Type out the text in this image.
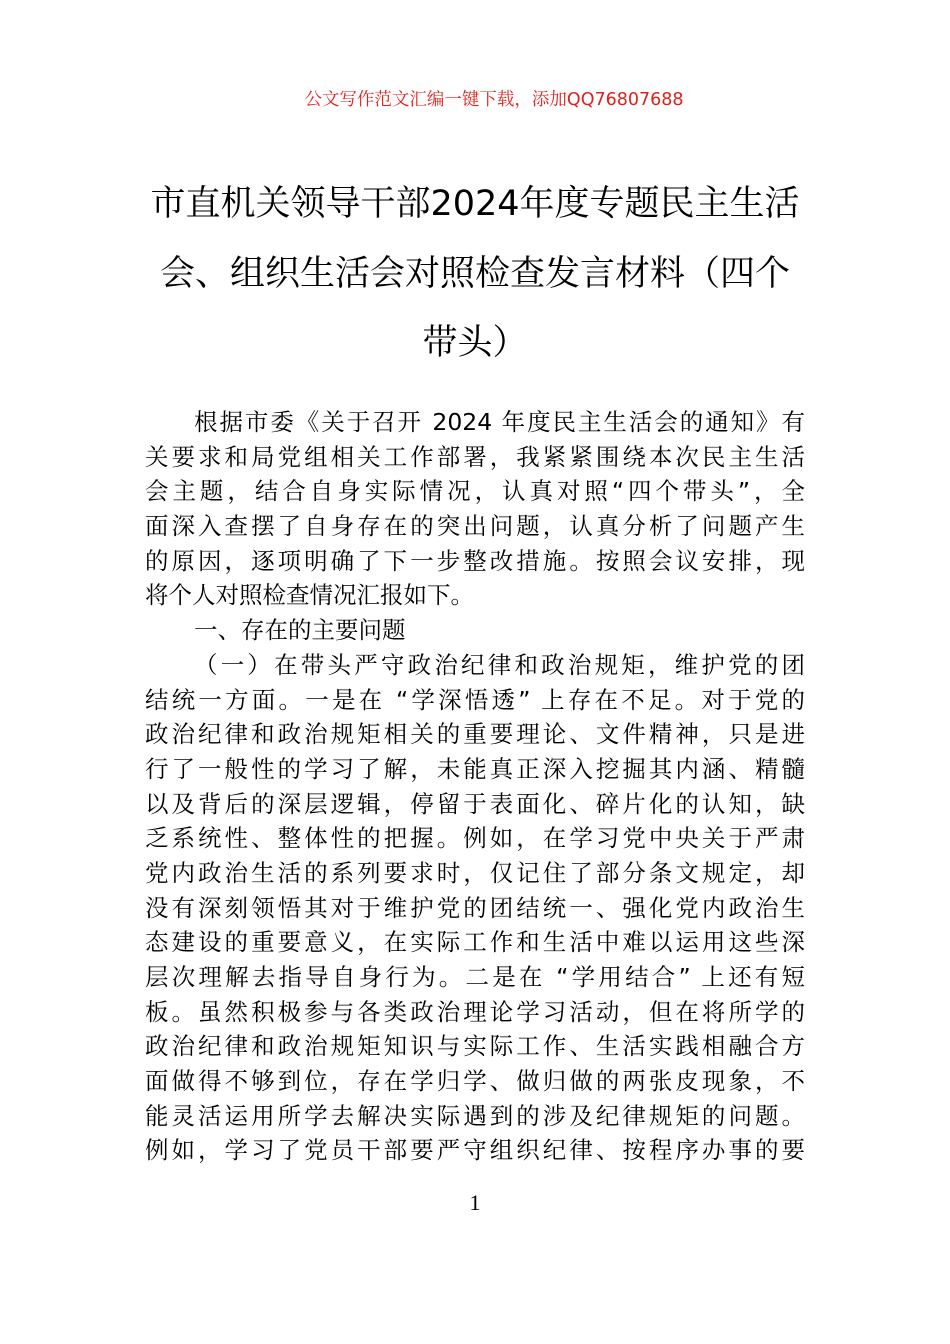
公文写作范文汇编一键下载，添加QQ76807688
市直机关领导干部2024年度专题民主生活
会、组织生活会对照检查发言材料（四个
带头）
根据市委《关于召开 2024 年度民主生活会的通知》有
关要求和局党组相关工作部署，我紧紧围绕本次民主生活
会主题，结合自身实际情况，认真对照“四个带头”，全
面深入查摆了自身存在的突出问题，认真分析了问题产生
的原因，逐项明确了下一步整改措施。按照会议安排，现
将个人对照检查情况汇报如下。
一、存在的主要问题
（一）在带头严守政治纪律和政治规矩，维护党的团
结统一方面。一是在 “学深悟透” 上存在不足。对于党的
政治纪律和政治规矩相关的重要理论、文件精神，只是进
行了一般性的学习了解，未能真正深入挖掘其内涵、精髓
以及背后的深层逻辑，停留于表面化、碎片化的认知，缺
乏系统性、整体性的把握。例如，在学习党中央关于严肃
党内政治生活的系列要求时，仅记住了部分条文规定，却
没有深刻领悟其对于维护党的团结统一、强化党内政治生
态建设的重要意义，在实际工作和生活中难以运用这些深
层次理解去指导自身行为。二是在 “学用结合” 上还有短
板。虽然积极参与各类政治理论学习活动，但在将所学的
政治纪律和政治规矩知识与实际工作、生活实践相融合方
面做得不够到位，存在学归学、做归做的两张皮现象，不
能灵活运用所学去解决实际遇到的涉及纪律规矩的问题。
例如，学习了党员干部要严守组织纪律、按程序办事的要
1
